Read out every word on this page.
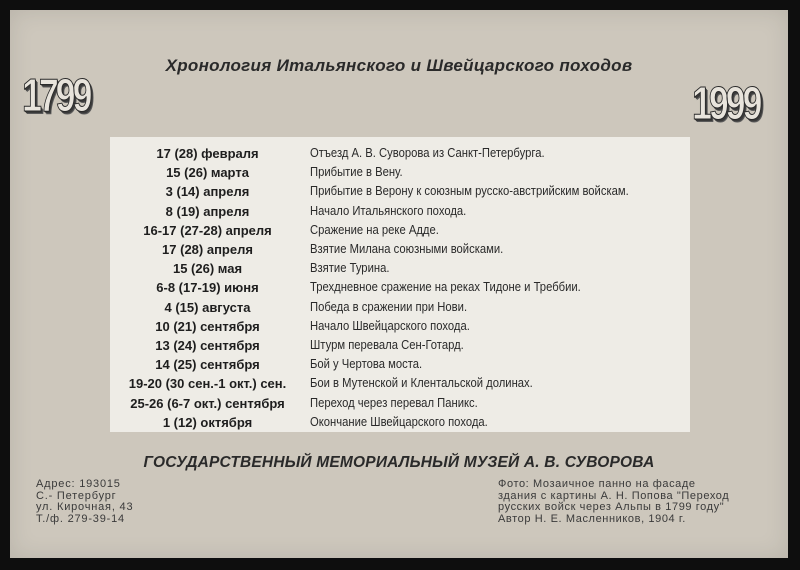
Хронология Итальянского и Швейцарского походов
1799	1999
17 (28) февраля	Отъезд А. В. Суворова из Санкт-Петербурга.
15 (26) марта	Прибытие в Вену.
3 (14) апреля	Прибытие в Верону к союзным русско-австрийским войскам.
8 (19) апреля	Начало Итальянского похода.
16-17 (27-28) апреля	Сражение на реке Адде.
17 (28) апреля	Взятие Милана союзными войсками.
15 (26) мая	Взятие Турина.
6-8 (17-19) июня	Трехдневное сражение на реках Тидоне и Треббии.
4 (15) августа	Победа в сражении при Нови.
10 (21) сентября	Начало Швейцарского похода.
13 (24) сентября	Штурм перевала Сен-Готард.
14 (25) сентября	Бой у Чертова моста.
19-20 (30 сен.-1 окт.) сен.	Бои в Мутенской и Клентальской долинах.
25-26 (6-7 окт.) сентября	Переход через перевал Паникс.
1 (12) октября	Окончание Швейцарского похода.
ГОСУДАРСТВЕННЫЙ МЕМОРИАЛЬНЫЙ МУЗЕЙ А. В. СУВОРОВА
Адрес: 193015
С.- Петербург
ул. Кирочная, 43
Т./ф. 279-39-14
Фото: Мозаичное панно на фасаде
здания с картины А. Н. Попова "Переход
русских войск через Альпы в 1799 году"
Автор Н. Е. Масленников, 1904 г.
